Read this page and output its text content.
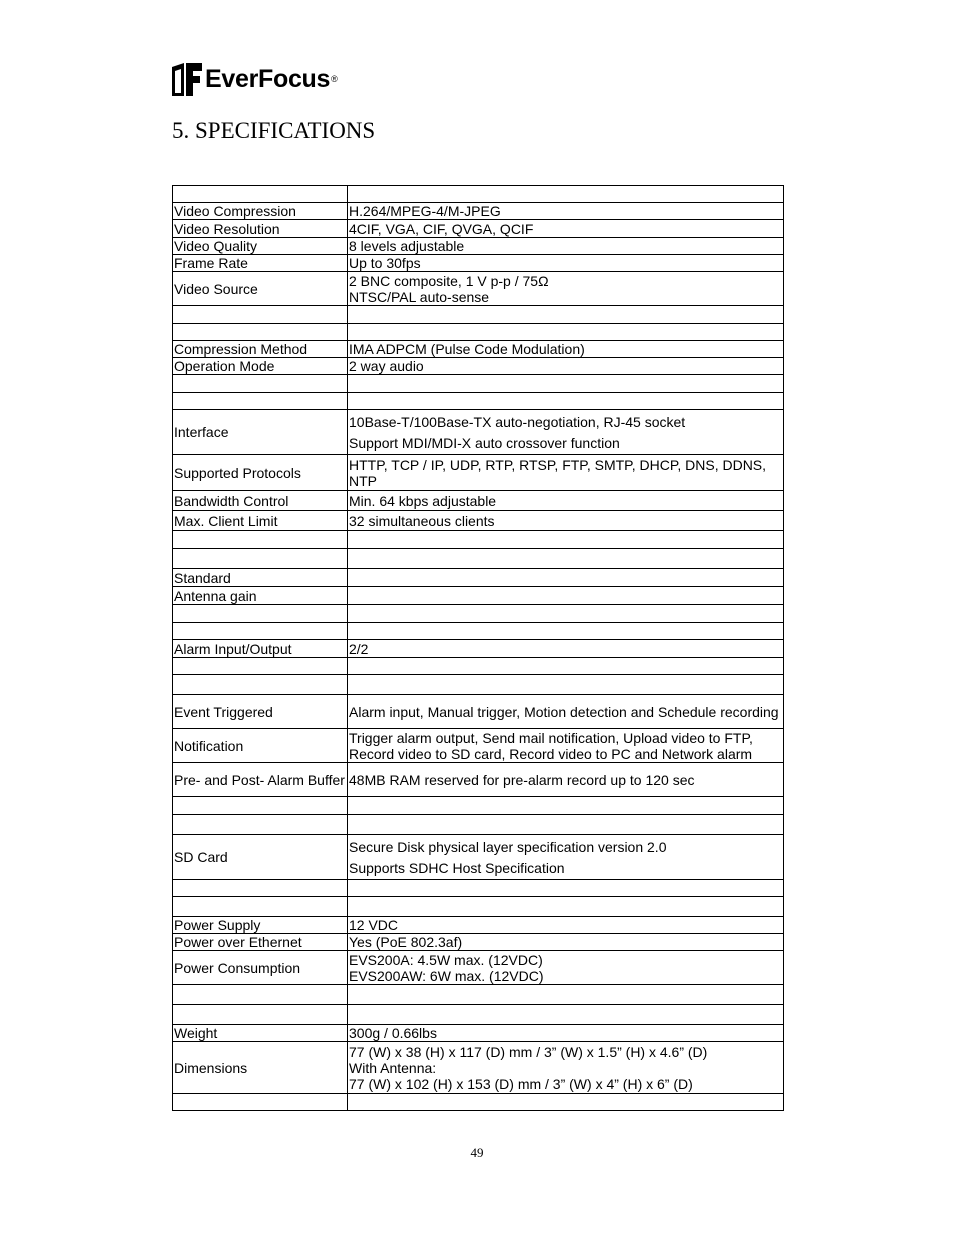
EverFocus ®
5. SPECIFICATIONS

Video Compression	H.264/MPEG-4/M-JPEG
Video Resolution	4CIF, VGA, CIF, QVGA, QCIF
Video Quality	8 levels adjustable
Frame Rate	Up to 30fps
Video Source	2 BNC composite, 1 V p-p / 75Ω
NTSC/PAL auto-sense

Compression Method	IMA ADPCM (Pulse Code Modulation)
Operation Mode	2 way audio

Interface	10Base-T/100Base-TX auto-negotiation, RJ-45 socket
Support MDI/MDI-X auto crossover function

Supported Protocols	HTTP, TCP / IP, UDP, RTP, RTSP, FTP, SMTP, DHCP, DNS, DDNS, NTP
Bandwidth Control	Min. 64 kbps adjustable
Max. Client Limit	32 simultaneous clients

Standard	
Antenna gain	

Alarm Input/Output	2/2

Event Triggered	Alarm input, Manual trigger, Motion detection and Schedule recording
Notification	Trigger alarm output, Send mail notification, Upload video to FTP, Record video to SD card, Record video to PC and Network alarm
Pre- and Post- Alarm Buffer	48MB RAM reserved for pre-alarm record up to 120 sec

SD Card	Secure Disk physical layer specification version 2.0
Supports SDHC Host Specification

Power Supply	12 VDC
Power over Ethernet	Yes (PoE 802.3af)
Power Consumption	EVS200A: 4.5W max. (12VDC)
EVS200AW: 6W max. (12VDC)

Weight	300g / 0.66lbs
Dimensions	77 (W) x 38 (H) x 117 (D) mm / 3” (W) x 1.5” (H) x 4.6” (D)
With Antenna:
77 (W) x 102 (H) x 153 (D) mm / 3” (W) x 4” (H) x 6” (D)

49
